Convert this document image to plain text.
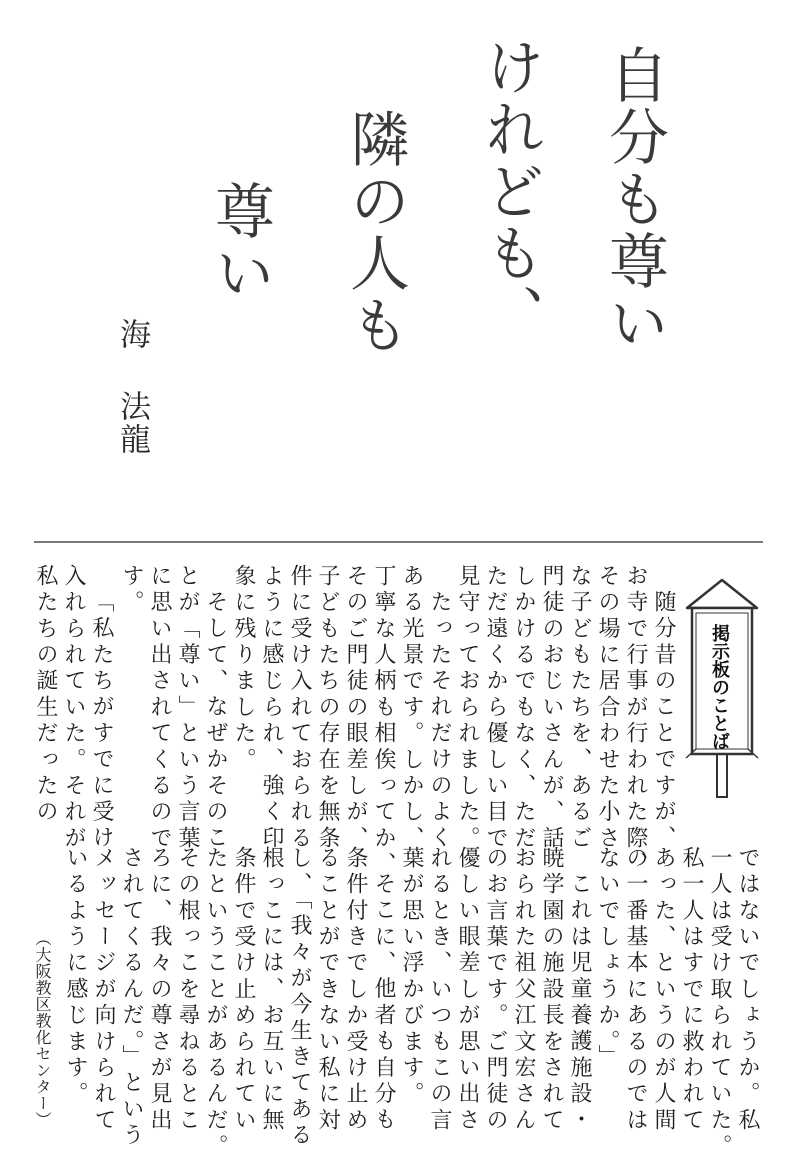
自分も尊い
けれども、
隣の人も
尊い
海
法龍
掲示板のことば
随分昔のことですが、
お寺で行事が行われた際、
その場に居合わせた小さ
な子どもたちを、あるご
門徒のおじいさんが、話
しかけるでもなく、ただ
ただ遠くから優しい目で
見守っておられました。
たったそれだけのよく
ある光景です。しかし、
丁寧な人柄も相俟ってか、
そのご門徒の眼差しが、
子どもたちの存在を無条
件に受け入れておられる
ように感じられ、強く印
象に残りました。
そして、なぜかそのこ
とが「尊い」という言葉
に思い出されてくるので
す。
「私たちがすでに受け
入れられていた。それが
私たちの誕生だったの
ではないでしょうか。私
一人は受け取られていた。
私一人はすでに救われて
あった、というのが人間
の一番基本にあるのでは
ないでしょうか。」
これは児童養護施設・
暁学園の施設長をされて
おられた祖父江文宏さん
のお言葉です。ご門徒の
優しい眼差しが思い出さ
れるとき、いつもこの言
葉が思い浮かびます。
そこに、他者も自分も
条件付きでしか受け止め
ることができない私に対
し、「我々が今生きてある
根っこには、お互いに無
条件で受け止められてい
たということがあるんだ。
その根っこを尋ねるとこ
ろに、我々の尊さが見出
されてくるんだ。」という
メッセージが向けられて
いるように感じます。
（大阪教区教化センター）
